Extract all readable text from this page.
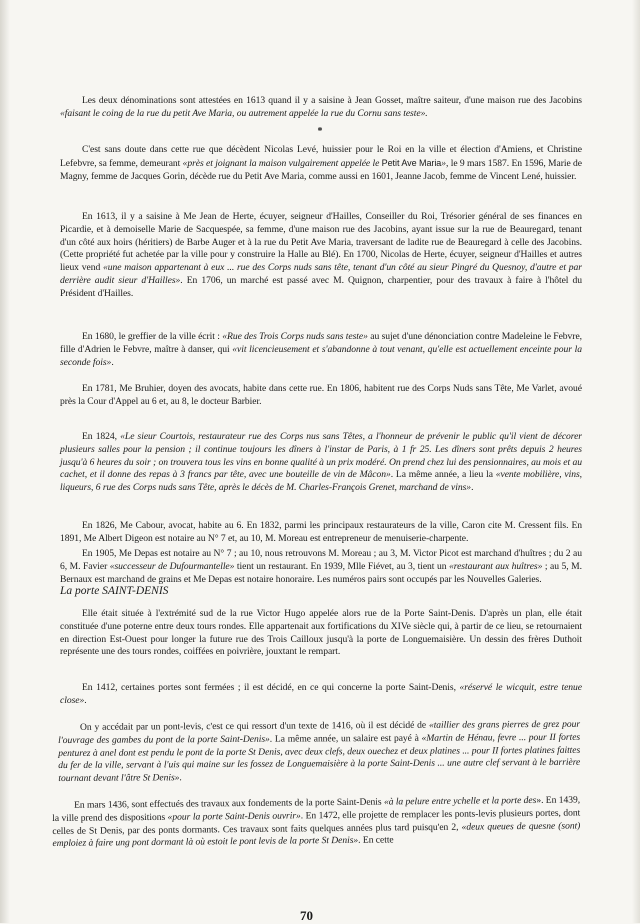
Les deux dénominations sont attestées en 1613 quand il y a saisine à Jean Gosset, maître saiteur, d'une maison rue des Jacobins «faisant le coing de la rue du petit Ave Maria, ou autrement appelée la rue du Cornu sans teste».

*

C'est sans doute dans cette rue que décèdent Nicolas Levé, huissier pour le Roi en la ville et élection d'Amiens, et Christine Lefebvre, sa femme, demeurant «près et joignant la maison vulgairement appelée le Petit Ave Maria», le 9 mars 1587. En 1596, Marie de Magny, femme de Jacques Gorin, décède rue du Petit Ave Maria, comme aussi en 1601, Jeanne Jacob, femme de Vincent Lené, huissier.

En 1613, il y a saisine à Me Jean de Herte, écuyer, seigneur d'Hailles, Conseiller du Roi, Trésorier général de ses finances en Picardie, et à demoiselle Marie de Sacquespée, sa femme, d'une maison rue des Jacobins, ayant issue sur la rue de Beauregard, tenant d'un côté aux hoirs (héritiers) de Barbe Auger et à la rue du Petit Ave Maria, traversant de ladite rue de Beauregard à celle des Jacobins. (Cette propriété fut achetée par la ville pour y construire la Halle au Blé). En 1700, Nicolas de Herte, écuyer, seigneur d'Hailles et autres lieux vend «une maison appartenant à eux ... rue des Corps nuds sans tête, tenant d'un côté au sieur Pingré du Quesnoy, d'autre et par derrière audit sieur d'Hailles». En 1706, un marché est passé avec M. Quignon, charpentier, pour des travaux à faire à l'hôtel du Président d'Hailles.

En 1680, le greffier de la ville écrit : «Rue des Trois Corps nuds sans teste» au sujet d'une dénonciation contre Madeleine le Febvre, fille d'Adrien le Febvre, maître à danser, qui «vit licencieusement et s'abandonne à tout venant, qu'elle est actuellement enceinte pour la seconde fois».

En 1781, Me Bruhier, doyen des avocats, habite dans cette rue. En 1806, habitent rue des Corps Nuds sans Tête, Me Varlet, avoué près la Cour d'Appel au 6 et, au 8, le docteur Barbier.

En 1824, «Le sieur Courtois, restaurateur rue des Corps nus sans Têtes, a l'honneur de prévenir le public qu'il vient de décorer plusieurs salles pour la pension ; il continue toujours les dîners à l'instar de Paris, à 1 fr 25. Les dîners sont prêts depuis 2 heures jusqu'à 6 heures du soir ; on trouvera tous les vins en bonne qualité à un prix modéré. On prend chez lui des pensionnaires, au mois et au cachet, et il donne des repas à 3 francs par tête, avec une bouteille de vin de Mâcon». La même année, a lieu la «vente mobilière, vins, liqueurs, 6 rue des Corps nuds sans Tête, après le décès de M. Charles-François Grenet, marchand de vins».

En 1826, Me Cabour, avocat, habite au 6. En 1832, parmi les principaux restaurateurs de la ville, Caron cite M. Cressent fils. En 1891, Me Albert Digeon est notaire au N° 7 et, au 10, M. Moreau est entrepreneur de menuiserie-charpente.

En 1905, Me Depas est notaire au N° 7 ; au 10, nous retrouvons M. Moreau ; au 3, M. Victor Picot est marchand d'huîtres ; du 2 au 6, M. Favier «successeur de Dufourmantelle» tient un restaurant. En 1939, Mlle Fiévet, au 3, tient un «restaurant aux huîtres» ; au 5, M. Bernaux est marchand de grains et Me Depas est notaire honoraire. Les numéros pairs sont occupés par les Nouvelles Galeries.

La porte SAINT-DENIS

Elle était située à l'extrémité sud de la rue Victor Hugo appelée alors rue de la Porte Saint-Denis. D'après un plan, elle était constituée d'une poterne entre deux tours rondes. Elle appartenait aux fortifications du XIVe siècle qui, à partir de ce lieu, se retournaient en direction Est-Ouest pour longer la future rue des Trois Cailloux jusqu'à la porte de Longuemaisière. Un dessin des frères Duthoit représente une des tours rondes, coiffées en poivrière, jouxtant le rempart.

En 1412, certaines portes sont fermées ; il est décidé, en ce qui concerne la porte Saint-Denis, «réservé le wicquit, estre tenue close».

On y accédait par un pont-levis, c'est ce qui ressort d'un texte de 1416, où il est décidé de «taillier des grans pierres de grez pour l'ouvrage des gambes du pont de la porte Saint-Denis». La même année, un salaire est payé à «Martin de Hénau, fevre ... pour II fortes penturez à anel dont est pendu le pont de la porte St Denis, avec deux clefs, deux ouechez et deux platines ... pour II fortes platines faittes du fer de la ville, servant à l'uis qui maine sur les fossez de Longuemaisière à la porte Saint-Denis ... une autre clef servant à le barrière tournant devant l'âtre St Denis».

En mars 1436, sont effectués des travaux aux fondements de la porte Saint-Denis «à la pelure entre ychelle et la porte des». En 1439, la ville prend des dispositions «pour la porte Saint-Denis ouvrir». En 1472, elle projette de remplacer les ponts-levis plusieurs portes, dont celles de St Denis, par des ponts dormants. Ces travaux sont faits quelques années plus tard puisqu'en 2, «deux queues de quesne (sont) emploiez à faire ung pont dormant là où estoit le pont levis de la porte St Denis». En cette

70
